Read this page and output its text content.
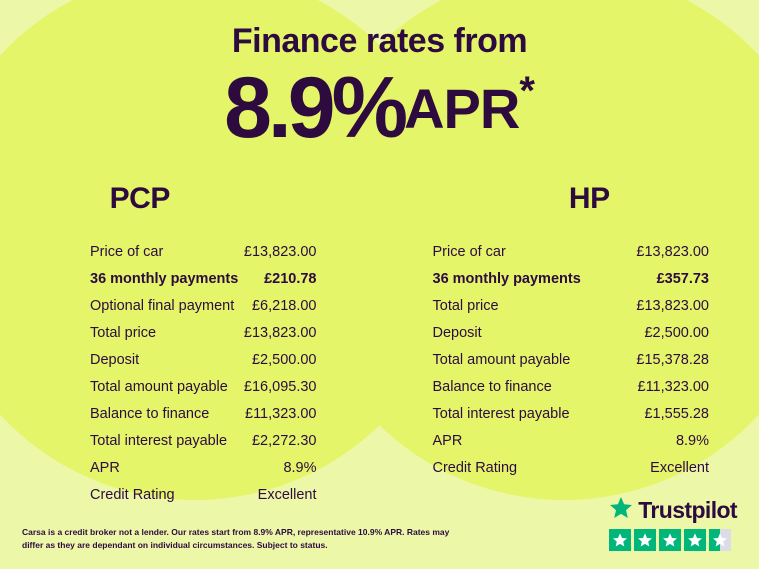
Finance rates from
8.9%APR*
PCP
Price of car	£13,823.00
36 monthly payments £210.78
Optional final payment £6,218.00
Total price	£13,823.00
Deposit	£2,500.00
Total amount payable £16,095.30
Balance to finance £11,323.00
Total interest payable £2,272.30
APR	8.9%
Credit Rating	Excellent
HP
Price of car	£13,823.00
36 monthly payments	£357.73
Total price	£13,823.00
Deposit	£2,500.00
Total amount payable	£15,378.28
Balance to finance	£11,323.00
Total interest payable	£1,555.28
APR	8.9%
Credit Rating	Excellent
Carsa is a credit broker not a lender. Our rates start from 8.9% APR, representative 10.9% APR. Rates may differ as they are dependant on individual circumstances. Subject to status.
Trustpilot
